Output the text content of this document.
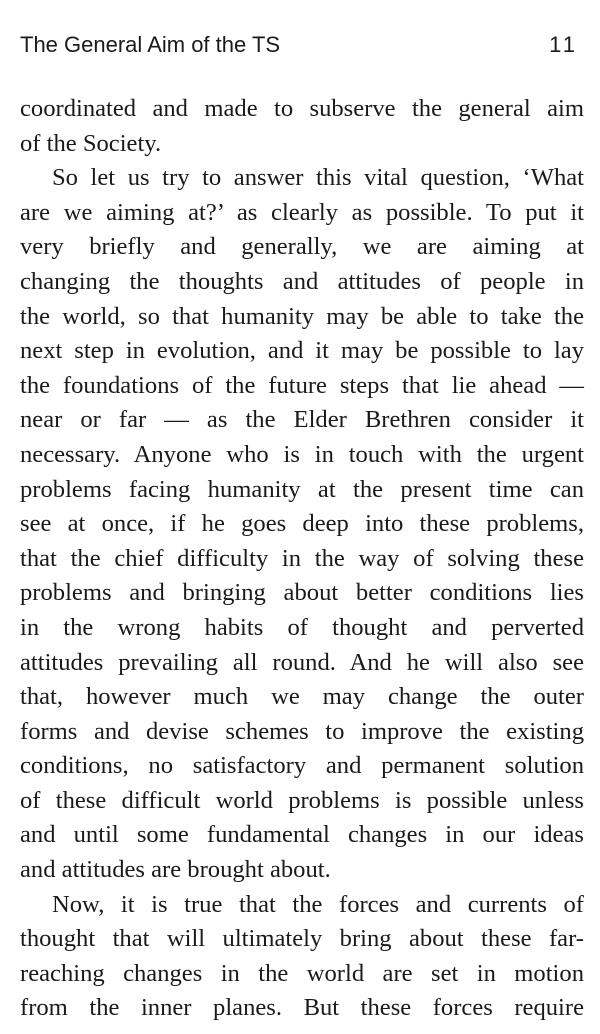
The General Aim of the TS	11
coordinated and made to subserve the general aim
of the Society.
So let us try to answer this vital question, ‘What
are we aiming at?’ as clearly as possible. To put it
very briefly and generally, we are aiming at
changing the thoughts and attitudes of people in
the world, so that humanity may be able to take the
next step in evolution, and it may be possible to lay
the foundations of the future steps that lie ahead —
near or far — as the Elder Brethren consider it
necessary. Anyone who is in touch with the urgent
problems facing humanity at the present time can
see at once, if he goes deep into these problems,
that the chief difficulty in the way of solving these
problems and bringing about better conditions lies
in the wrong habits of thought and perverted
attitudes prevailing all round. And he will also see
that, however much we may change the outer
forms and devise schemes to improve the existing
conditions, no satisfactory and permanent solution
of these difficult world problems is possible unless
and until some fundamental changes in our ideas
and attitudes are brought about.
Now, it is true that the forces and currents of
thought that will ultimately bring about these far-
reaching changes in the world are set in motion
from the inner planes. But these forces require
